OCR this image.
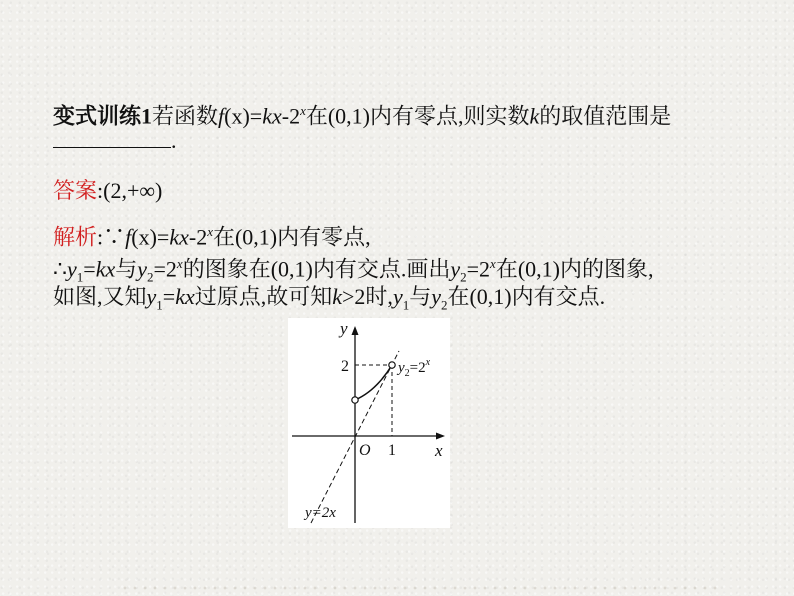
变式训练1若函数$f(x)=kx-2^x$在(0,1)内有零点,则实数k的取值范围是
.
答案:(2,+∞)
解析$:\because f(x)=kx-2^x$在(0,1)内有零点,
$\therefore y_1=kx$与$y_2=2^x$的图象在(0,1)内有交点.画出$y_2=2^x$在(0,1)内的图象,
如图,又知$y_1=kx$过原点,故可知k>2时$,y_1$与$y_2$在(0,1)内有交点.
y
x
O 1
2	$y_2=2^x$
y=2x
